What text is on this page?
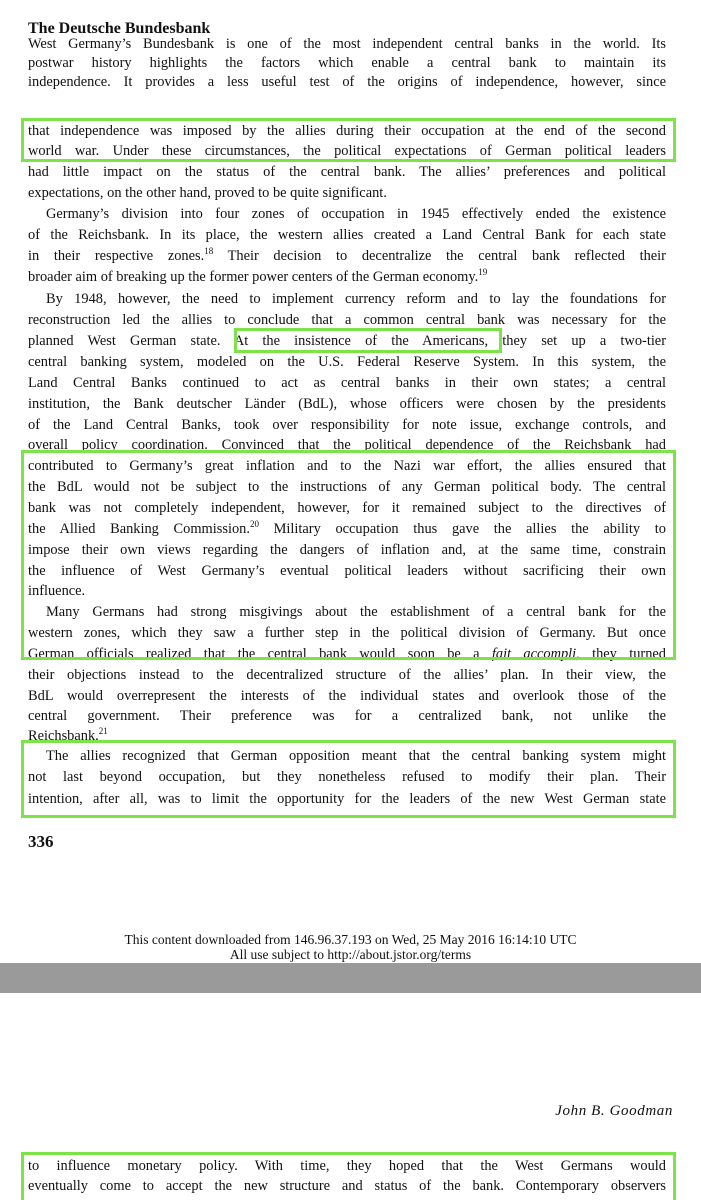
The Deutsche Bundesbank
West Germany’s Bundesbank is one of the most independent central banks in the world. Its
postwar history highlights the factors which enable a central bank to maintain its
independence. It provides a less useful test of the origins of independence, however, since
that independence was imposed by the allies during their occupation at the end of the second
world war. Under these circumstances, the political expectations of German political leaders
had little impact on the status of the central bank. The allies’ preferences and political
expectations, on the other hand, proved to be quite significant.
Germany’s division into four zones of occupation in 1945 effectively ended the existence
of the Reichsbank. In its place, the western allies created a Land Central Bank for each state
in their respective zones.$^{18}$ Their decision to decentralize the central bank reflected their
broader aim of breaking up the former power centers of the German economy.$^{19}$
By 1948, however, the need to implement currency reform and to lay the foundations for
reconstruction led the allies to conclude that a common central bank was necessary for the
planned West German state. At the insistence of the Americans, they set up a two-tier
central banking system, modeled on the U.S. Federal Reserve System. In this system, the
Land Central Banks continued to act as central banks in their own states; a central
institution, the Bank deutscher Länder (BdL), whose officers were chosen by the presidents
of the Land Central Banks, took over responsibility for note issue, exchange controls, and
overall policy coordination. Convinced that the political dependence of the Reichsbank had
contributed to Germany’s great inflation and to the Nazi war effort, the allies ensured that
the BdL would not be subject to the instructions of any German political body. The central
bank was not completely independent, however, for it remained subject to the directives of
the Allied Banking Commission.$^{20}$ Military occupation thus gave the allies the ability to
impose their own views regarding the dangers of inflation and, at the same time, constrain
the influence of West Germany’s eventual political leaders without sacrificing their own
influence.
Many Germans had strong misgivings about the establishment of a central bank for the
western zones, which they saw a further step in the political division of Germany. But once
German officials realized that the central bank would soon be a fait accompli, they turned
their objections instead to the decentralized structure of the allies’ plan. In their view, the
BdL would overrepresent the interests of the individual states and overlook those of the
central government. Their preference was for a centralized bank, not unlike the
Reichsbank.$^{21}$
The allies recognized that German opposition meant that the central banking system might
not last beyond occupation, but they nonetheless refused to modify their plan. Their
intention, after all, was to limit the opportunity for the leaders of the new West German state
336
This content downloaded from 146.96.37.193 on Wed, 25 May 2016 16:14:10 UTC
All use subject to http://about.jstor.org/terms
John B. Goodman
to influence monetary policy. With time, they hoped that the West Germans would
eventually come to accept the new structure and status of the bank. Contemporary observers
